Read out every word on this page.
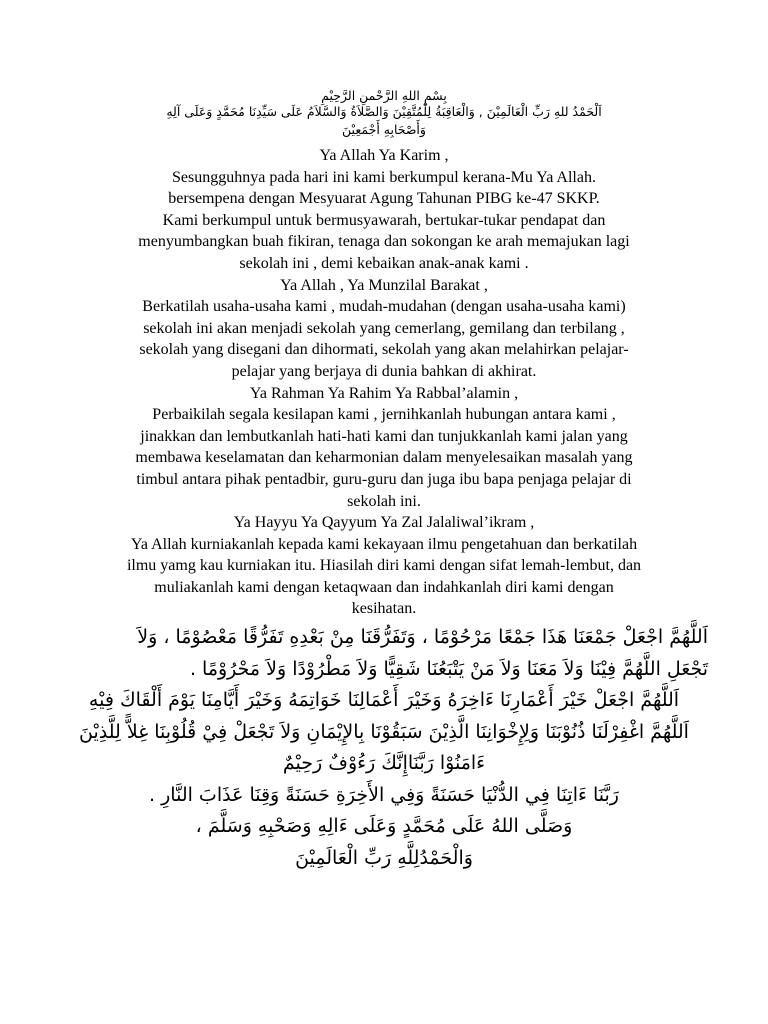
بِسْمِ اللهِ الرَّحْمنِ الرَّحِيْمِ
اَلْحَمْدُ للهِ رَبِّ الْعَالَمِيْنَ , وَالْعَاقِبَةُ لِلْمُتَّقِيْنَ وَالصَّلاَةُ وَالسَّلاَمُ عَلَى سَيِّدِنَا مُحَمَّدٍ وَعَلَى آلِهِ
وَأَصْحَابِهِ أَجْمَعِيْنَ

Ya Allah Ya Karim ,

Sesungguhnya pada hari ini kami berkumpul kerana-Mu Ya Allah.

bersempena dengan Mesyuarat Agung Tahunan PIBG ke-47 SKKP.

Kami berkumpul untuk bermusyawarah, bertukar-tukar pendapat dan

menyumbangkan buah fikiran, tenaga dan sokongan ke arah memajukan lagi

sekolah ini , demi kebaikan anak-anak kami .

Ya Allah , Ya Munzilal Barakat ,

Berkatilah usaha-usaha kami , mudah-mudahan (dengan usaha-usaha kami)

sekolah ini akan menjadi sekolah yang cemerlang, gemilang dan terbilang ,

sekolah yang disegani dan dihormati, sekolah yang akan melahirkan pelajar-

pelajar yang berjaya di dunia bahkan di akhirat.

Ya Rahman Ya Rahim Ya Rabbal’alamin ,

Perbaikilah segala kesilapan kami , jernihkanlah hubungan antara kami ,

jinakkan dan lembutkanlah hati-hati kami dan tunjukkanlah kami jalan yang

membawa keselamatan dan keharmonian dalam menyelesaikan masalah yang

timbul antara pihak pentadbir, guru-guru dan juga ibu bapa penjaga pelajar di

sekolah ini.

Ya Hayyu Ya Qayyum Ya Zal Jalaliwal’ikram ,

Ya Allah kurniakanlah kepada kami kekayaan ilmu pengetahuan dan berkatilah

ilmu yamg kau kurniakan itu. Hiasilah diri kami dengan sifat lemah-lembut, dan

muliakanlah kami dengan ketaqwaan dan indahkanlah diri kami dengan

kesihatan.

اَللَّهُمَّ اجْعَلْ جَمْعَنَا هَذَا جَمْعًا مَرْحُوْمًا ، وَتَفَرُّقَنَا مِنْ بَعْدِهِ تَفَرُّقًا مَعْصُوْمًا ، وَلاَ
تَجْعَلِ اللَّهُمَّ فِيْنَا وَلاَ مَعَنَا وَلاَ مَنْ يَتْبَعُنَا شَقِيًّا وَلاَ مَطْرُوْدًا وَلاَ مَحْرُوْمًا .
اَللَّهُمَّ اجْعَلْ خَيْرَ أَعْمَارِنَا ءَاخِرَهُ وَخَيْرَ أَعْمَالِنَا خَوَاتِمَهُ وَخَيْرَ أَيَّامِنَا يَوْمَ أَلْقَاكَ فِيْهِ
اَللَّهُمَّ اغْفِرْلَنَا ذُنُوْبَنَا وَلِإِخْوَانِنَا الَّذِيْنَ سَبَقُوْنَا بِالإِيْمَانِ وَلاَ تَجْعَلْ فِيْ قُلُوْبِنَا غِلاًّ لِلَّذِيْنَ
ءَامَنُوْا رَبَّنَاإِنَّكَ رَءُوْفٌ رَحِيْمٌ
رَبَّنَا ءَاتِنَا فِي الدُّنْيَا حَسَنَةً وَفِي الأَخِرَةِ حَسَنَةً وَقِنَا عَذَابَ النَّارِ .
وَصَلَّى اللهُ عَلَى مُحَمَّدٍ وَعَلَى ءَالِهِ وَصَحْبِهِ وَسَلَّمَ ،
وَالْحَمْدُلِلَّهِ رَبِّ الْعَالَمِيْنَ
